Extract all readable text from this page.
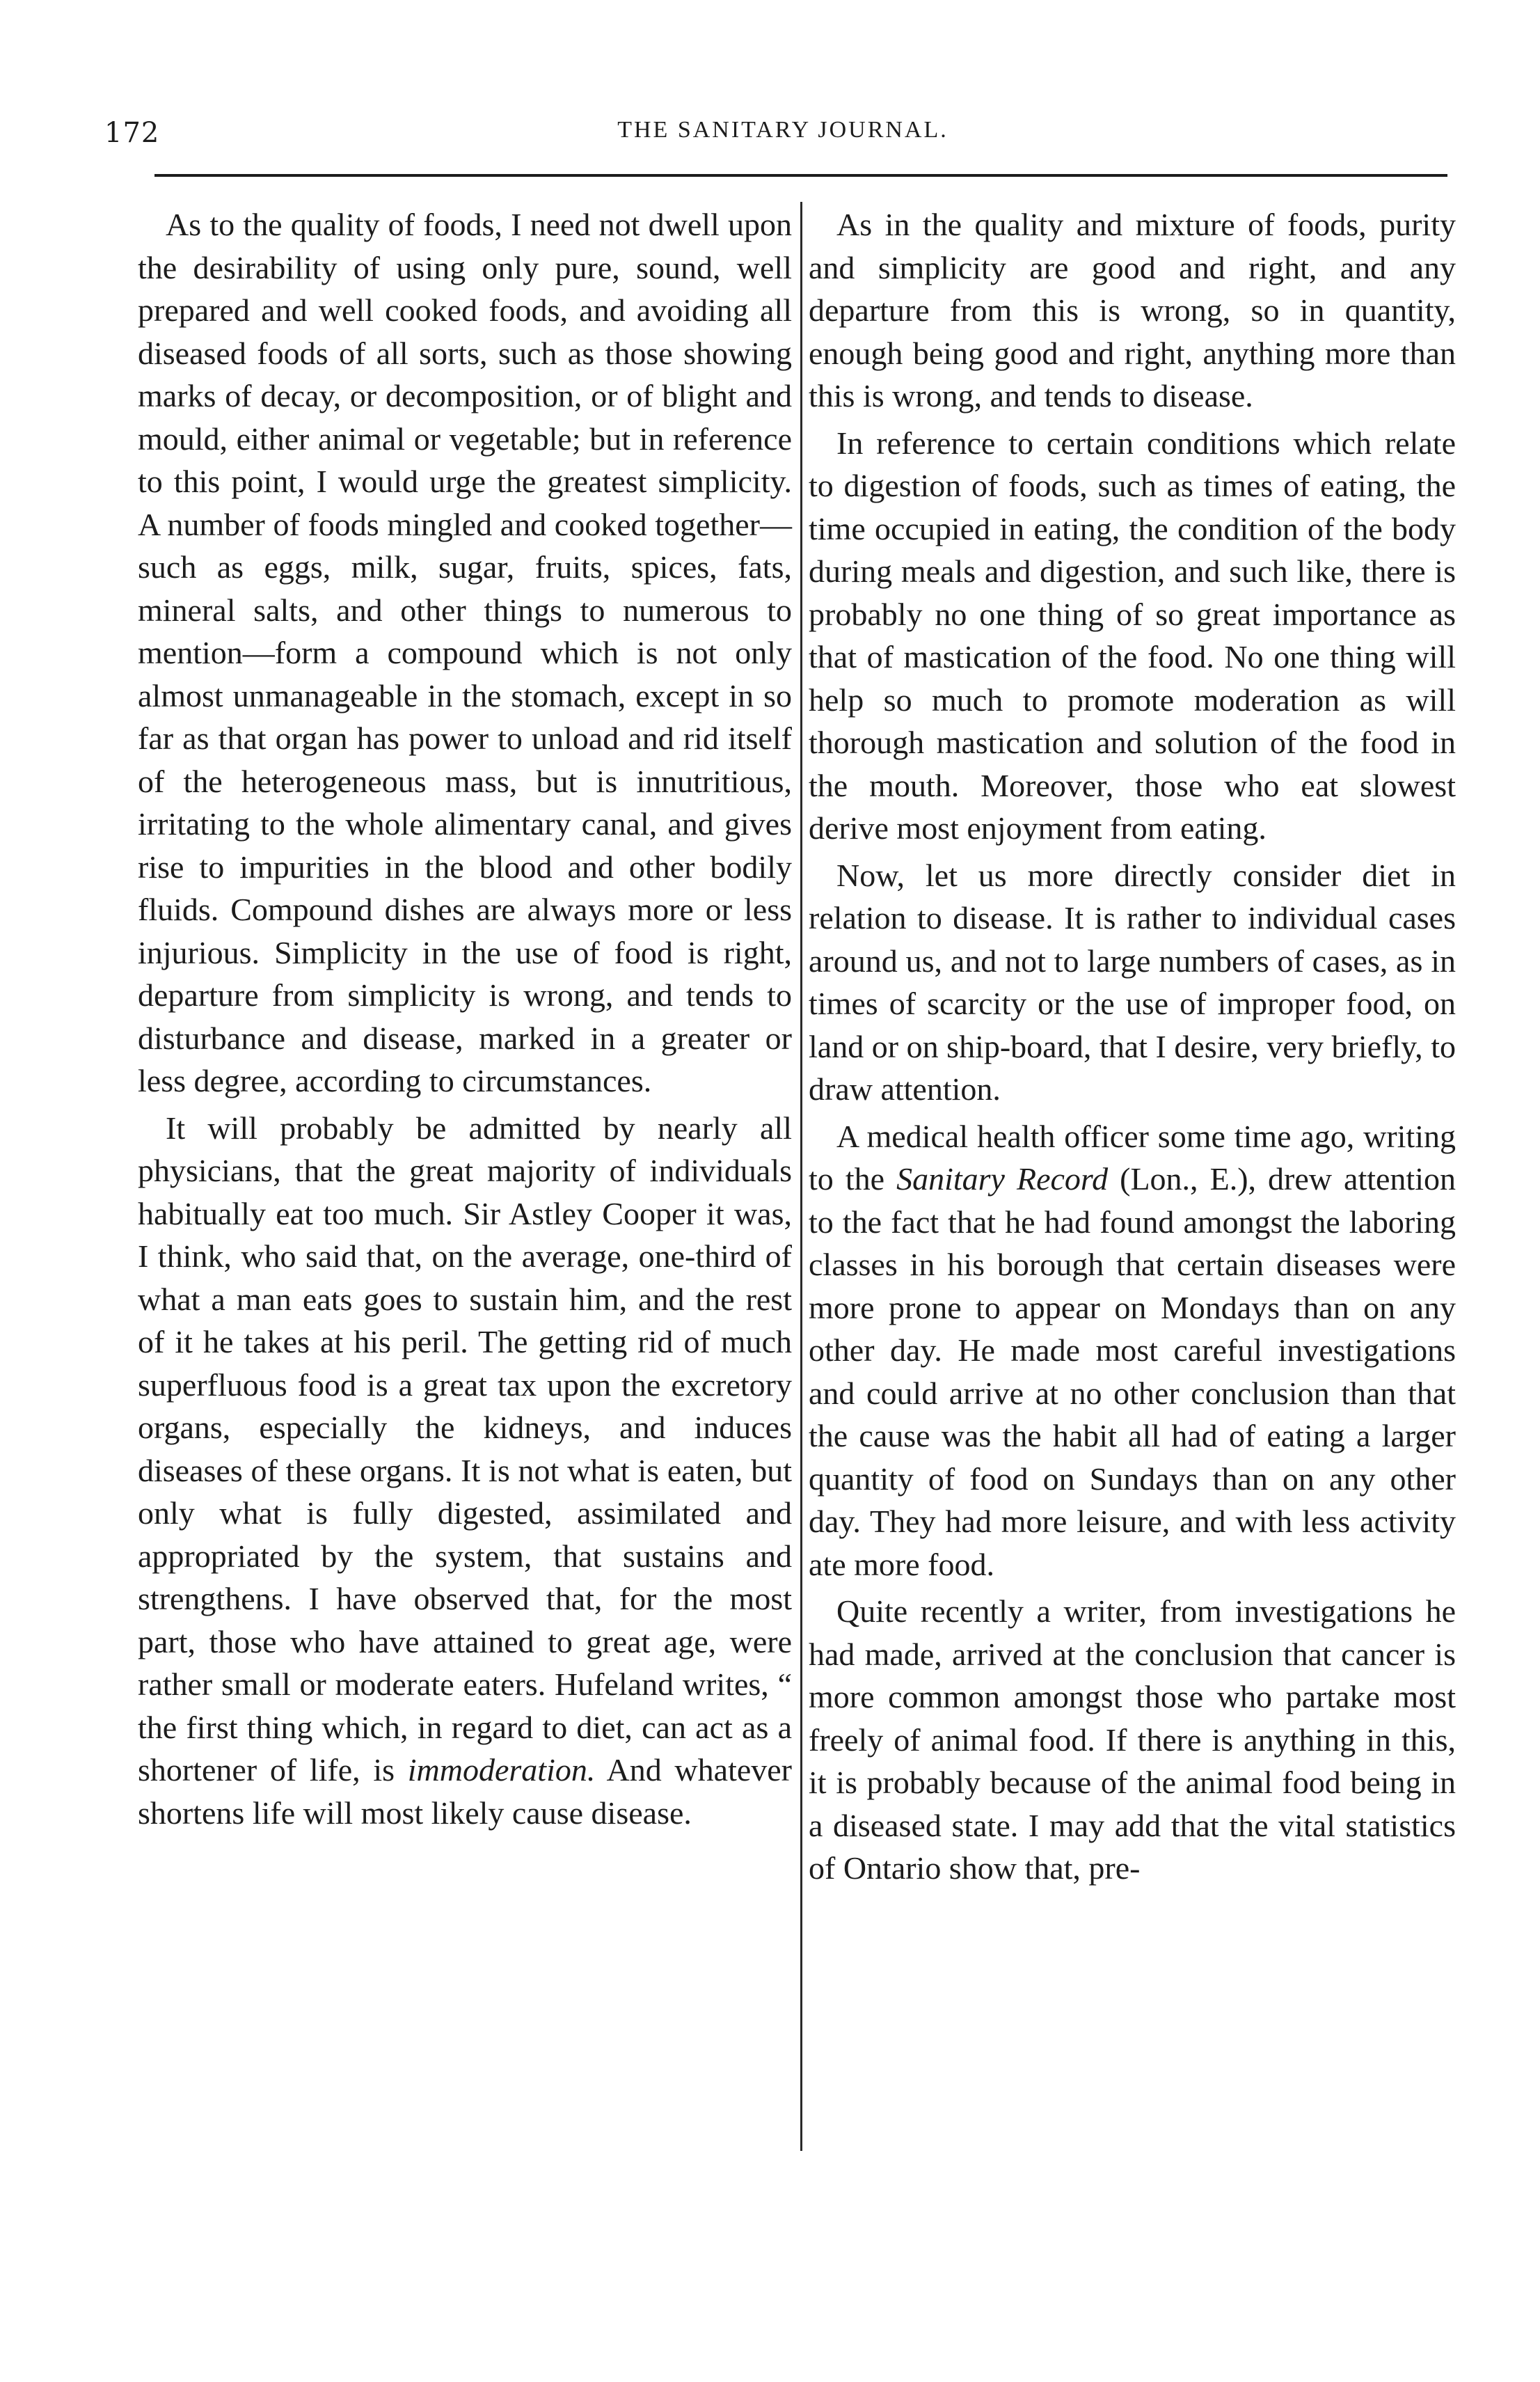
172	THE SANITARY JOURNAL.

As to the quality of foods, I need not dwell upon the desirability of using only pure, sound, well prepared and well cooked foods, and avoiding all diseased foods of all sorts, such as those showing marks of decay, or decomposition, or of blight and mould, either animal or vegetable; but in reference to this point, I would urge the greatest simplicity. A number of foods mingled and cooked together—such as eggs, milk, sugar, fruits, spices, fats, mineral salts, and other things to numerous to mention—form a compound which is not only almost unmanageable in the stomach, except in so far as that organ has power to unload and rid itself of the heterogeneous mass, but is innutritious, irritating to the whole alimentary canal, and gives rise to impurities in the blood and other bodily fluids. Compound dishes are always more or less injurious. Simplicity in the use of food is right, departure from simplicity is wrong, and tends to disturbance and disease, marked in a greater or less degree, according to circumstances.

It will probably be admitted by nearly all physicians, that the great majority of individuals habitually eat too much. Sir Astley Cooper it was, I think, who said that, on the average, one-third of what a man eats goes to sustain him, and the rest of it he takes at his peril. The getting rid of much superfluous food is a great tax upon the excretory organs, especially the kidneys, and induces diseases of these organs. It is not what is eaten, but only what is fully digested, assimilated and appropriated by the system, that sustains and strengthens. I have observed that, for the most part, those who have attained to great age, were rather small or moderate eaters. Hufeland writes, “ the first thing which, in regard to diet, can act as a shortener of life, is immoderation. And whatever shortens life will most likely cause disease.

As in the quality and mixture of foods, purity and simplicity are good and right, and any departure from this is wrong, so in quantity, enough being good and right, anything more than this is wrong, and tends to disease.

In reference to certain conditions which relate to digestion of foods, such as times of eating, the time occupied in eating, the condition of the body during meals and digestion, and such like, there is probably no one thing of so great importance as that of mastication of the food. No one thing will help so much to promote moderation as will thorough mastication and solution of the food in the mouth. Moreover, those who eat slowest derive most enjoyment from eating.

Now, let us more directly consider diet in relation to disease. It is rather to individual cases around us, and not to large numbers of cases, as in times of scarcity or the use of improper food, on land or on ship-board, that I desire, very briefly, to draw attention.

A medical health officer some time ago, writing to the Sanitary Record (Lon., E.), drew attention to the fact that he had found amongst the laboring classes in his borough that certain diseases were more prone to appear on Mondays than on any other day. He made most careful investigations and could arrive at no other conclusion than that the cause was the habit all had of eating a larger quantity of food on Sundays than on any other day. They had more leisure, and with less activity ate more food.

Quite recently a writer, from investigations he had made, arrived at the conclusion that cancer is more common amongst those who partake most freely of animal food. If there is anything in this, it is probably because of the animal food being in a diseased state. I may add that the vital statistics of Ontario show that, pre-
